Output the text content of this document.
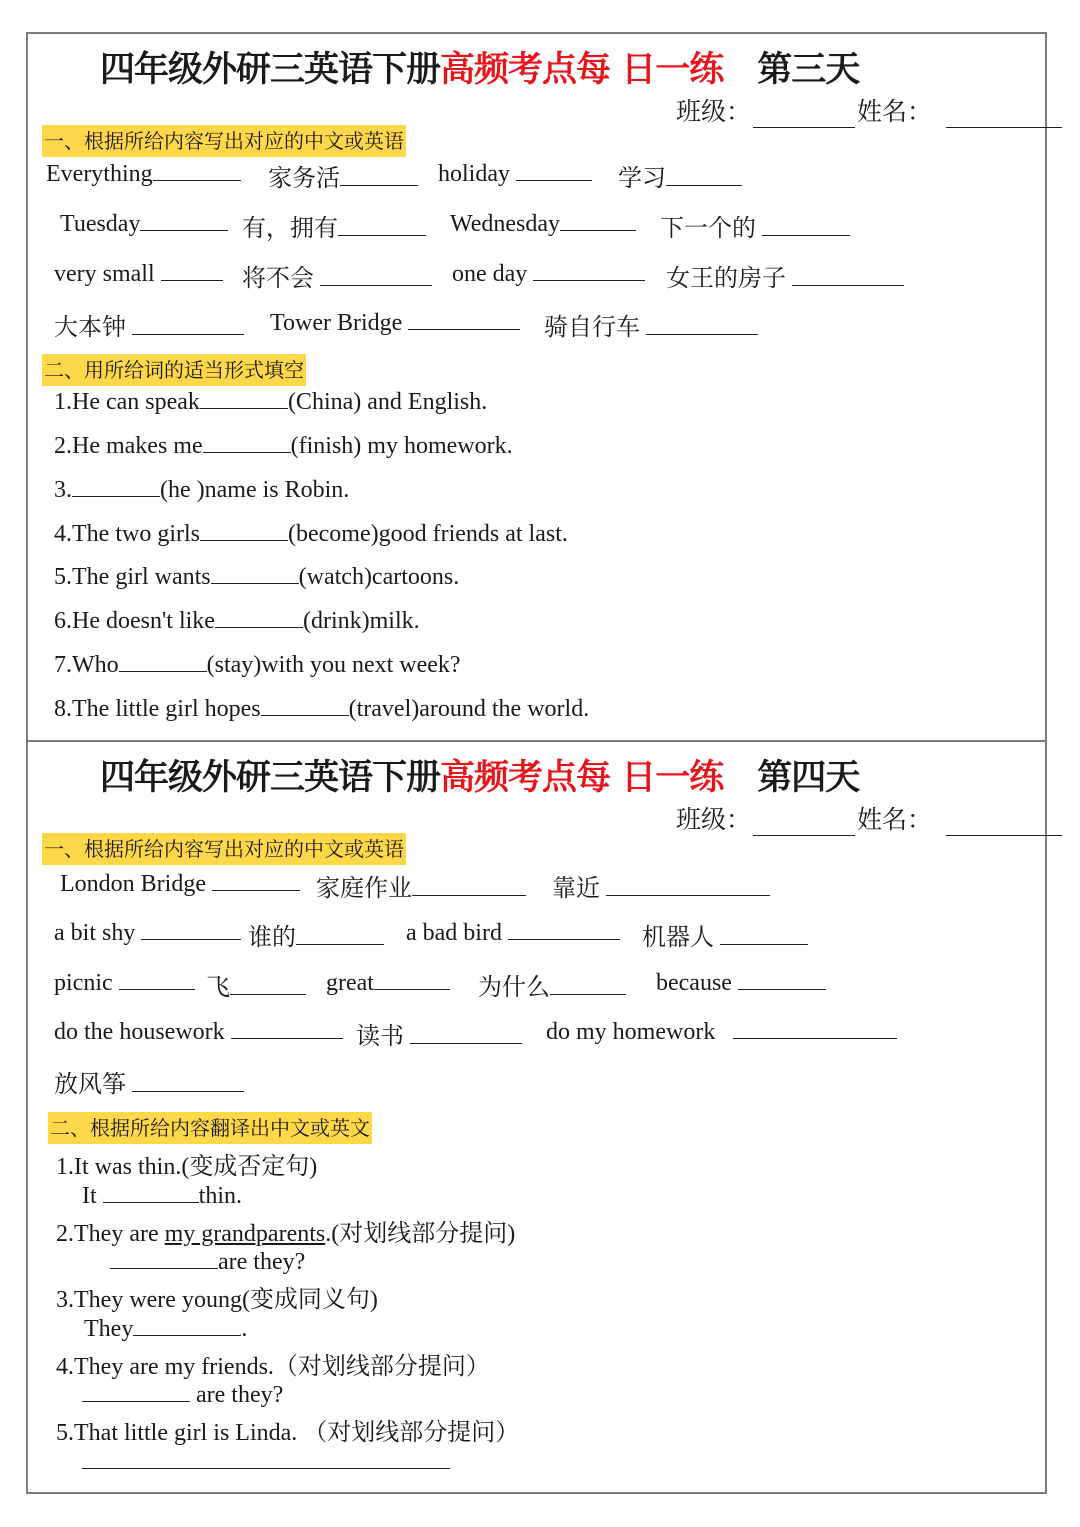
四年级外研三英语下册高频考点每 日一练 第三天
班级：	姓名：
一、根据所给内容写出对应的中文或英语
Everything	家务活	holiday	学习
Tuesday	有，拥有	Wednesday	下一个的
very small	将不会	one day	女王的房子
大本钟	Tower Bridge	骑自行车
二、用所给词的适当形式填空
1.He can speak	(China) and English.
2.He makes me	(finish) my homework.
3.	(he )name is Robin.
4.The two girls	(become)good friends at last.
5.The girl wants	(watch)cartoons.
6.He doesn't like	(drink)milk.
7.Who	(stay)with you next week?
8.The little girl hopes	(travel)around the world.
四年级外研三英语下册高频考点每 日一练 第四天
班级：	姓名：
一、根据所给内容写出对应的中文或英语
London Bridge	家庭作业	靠近
a bit shy	谁的	a bad bird	机器人
picnic	飞	great	为什么	because
do the housework	读书	do my homework
放风筝
二、根据所给内容翻译出中文或英文
1.It was thin.(变成否定句)
It	thin.
2.They are my grandparents.(对划线部分提问)
are they?
3.They were young(变成同义句)
They	.
4.They are my friends.（对划线部分提问）
are they?
5.That little girl is Linda. （对划线部分提问）
